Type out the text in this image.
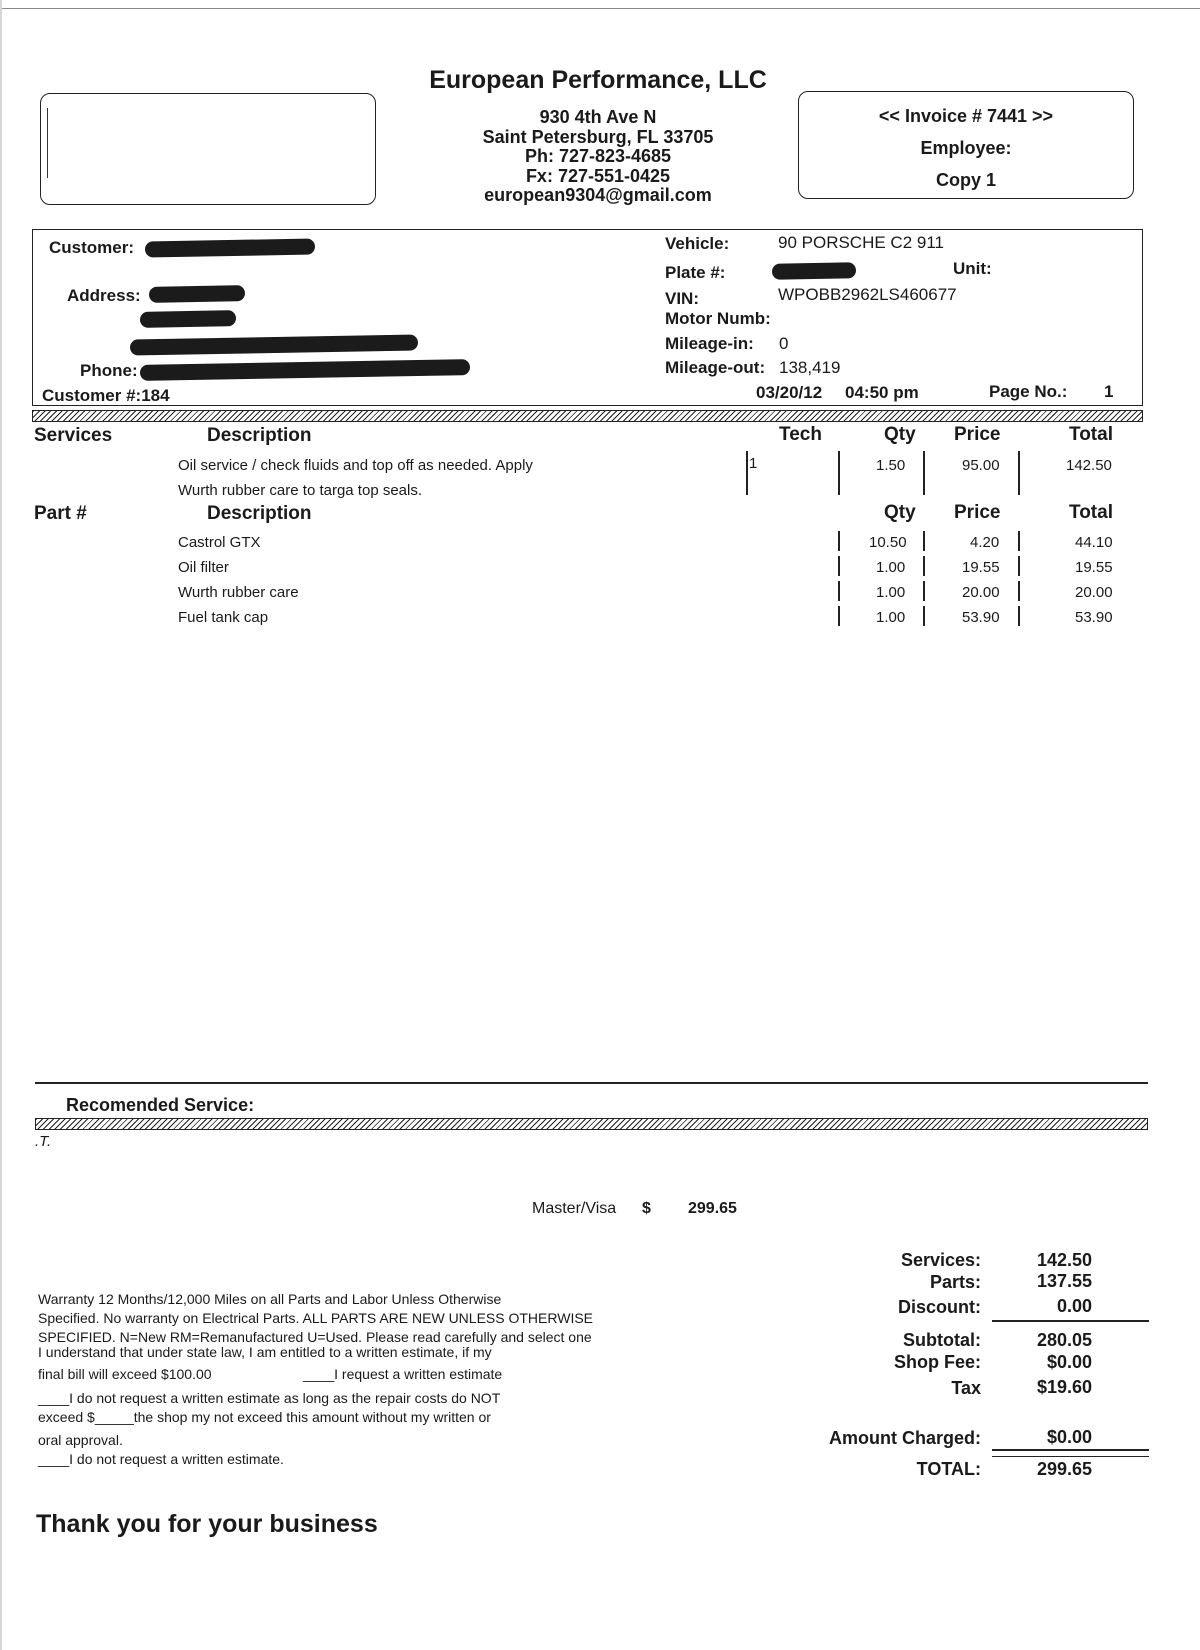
European Performance, LLC
930 4th Ave N
Saint Petersburg, FL 33705
Ph: 727-823-4685
Fx: 727-551-0425
european9304@gmail.com
<< Invoice # 7441 >>
Employee:
Copy 1
Customer:
Address:
Phone:
Customer #:184
Vehicle:	90 PORSCHE C2 911
Plate #:	Unit:
VIN:	WPOBB2962LS460677
Motor Numb:
Mileage-in: 0
Mileage-out: 138,419
03/20/12 04:50 pm	Page No.: 1
Services	Description	Tech	Qty Price	Total
Oil service / check fluids and top off as needed. Apply
Wurth rubber care to targa top seals.
1	1.50	95.00	142.50
Part #	Description	Qty Price	Total
Castrol GTX	10.50	4.20	44.10
Oil filter	1.00	19.55	19.55
Wurth rubber care	1.00	20.00	20.00
Fuel tank cap	1.00	53.90	53.90
Recomended Service:
.T.
Master/Visa $ 299.65
Services:	142.50
Parts:	137.55
Discount:	0.00
Subtotal:	280.05
Shop Fee:	$0.00
Tax	$19.60
Amount Charged:	$0.00
TOTAL:	299.65
Warranty 12 Months/12,000 Miles on all Parts and Labor Unless Otherwise
Specified. No warranty on Electrical Parts. ALL PARTS ARE NEW UNLESS OTHERWISE
SPECIFIED. N=New RM=Remanufactured U=Used. Please read carefully and select one
I understand that under state law, I am entitled to a written estimate, if my
final bill will exceed $100.00	____I request a written estimate
____I do not request a written estimate as long as the repair costs do NOT
exceed $_____the shop my not exceed this amount without my written or
oral approval.
____I do not request a written estimate.
Thank you for your business
